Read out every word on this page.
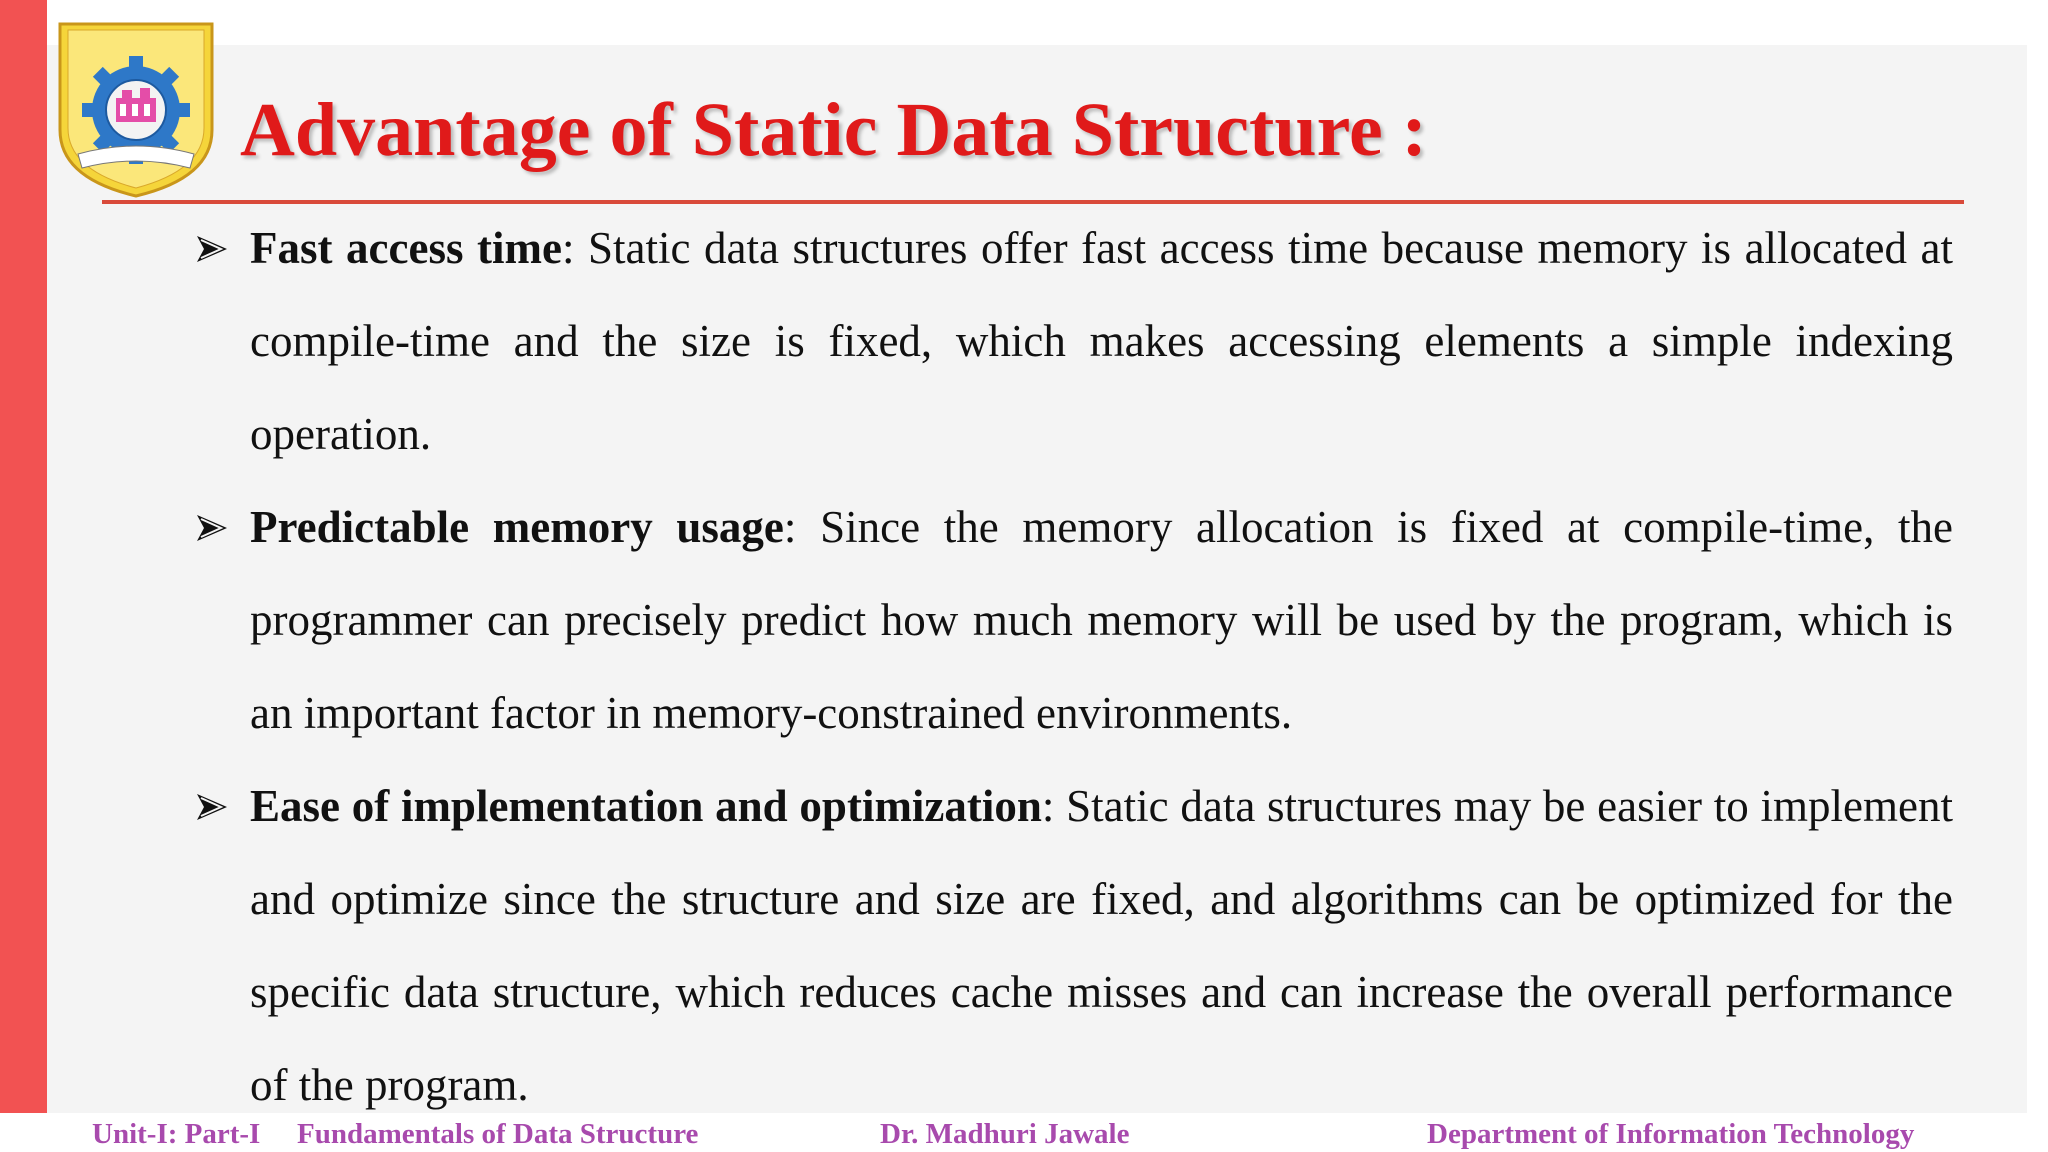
Advantage of Static Data Structure :
Fast access time: Static data structures offer fast access time because memory is allocated at compile-time and the size is fixed, which makes accessing elements a simple indexing operation.
Predictable memory usage: Since the memory allocation is fixed at compile-time, the programmer can precisely predict how much memory will be used by the program, which is an important factor in memory-constrained environments.
Ease of implementation and optimization: Static data structures may be easier to implement and optimize since the structure and size are fixed, and algorithms can be optimized for the specific data structure, which reduces cache misses and can increase the overall performance of the program.
Unit-I: Part-I Fundamentals of Data Structure	Dr. Madhuri Jawale	Department of Information Technology
